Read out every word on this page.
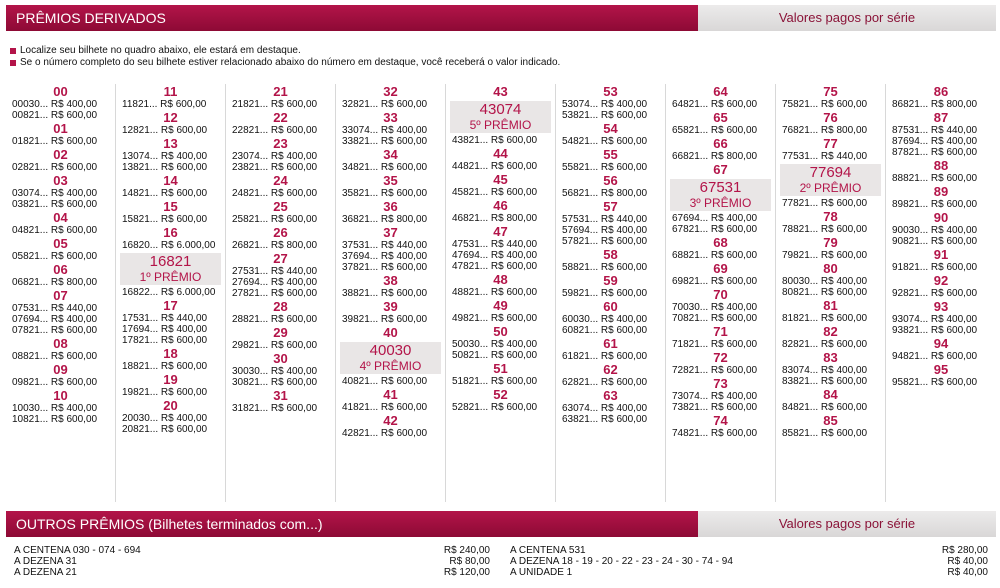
PRÊMIOS DERIVADOS	Valores pagos por série
Localize seu bilhete no quadro abaixo, ele estará em destaque.
Se o número completo do seu bilhete estiver relacionado abaixo do número em destaque, você receberá o valor indicado.
00
00030... R$ 400,00
00821... R$ 600,00
01
01821... R$ 600,00
02
02821... R$ 600,00
03
03074... R$ 400,00
03821... R$ 600,00
04
04821... R$ 600,00
05
05821... R$ 600,00
06
06821... R$ 800,00
07
07531... R$ 440,00
07694... R$ 400,00
07821... R$ 600,00
08
08821... R$ 600,00
09
09821... R$ 600,00
10
10030... R$ 400,00
10821... R$ 600,00
11
11821... R$ 600,00
12
12821... R$ 600,00
13
13074... R$ 400,00
13821... R$ 600,00
14
14821... R$ 600,00
15
15821... R$ 600,00
16
16820... R$ 6.000,00
16821
1º PRÊMIO
16822... R$ 6.000,00
17
17531... R$ 440,00
17694... R$ 400,00
17821... R$ 600,00
18
18821... R$ 600,00
19
19821... R$ 600,00
20
20030... R$ 400,00
20821... R$ 600,00
21
21821... R$ 600,00
22
22821... R$ 600,00
23
23074... R$ 400,00
23821... R$ 600,00
24
24821... R$ 600,00
25
25821... R$ 600,00
26
26821... R$ 800,00
27
27531... R$ 440,00
27694... R$ 400,00
27821... R$ 600,00
28
28821... R$ 600,00
29
29821... R$ 600,00
30
30030... R$ 400,00
30821... R$ 600,00
31
31821... R$ 600,00
32
32821... R$ 600,00
33
33074... R$ 400,00
33821... R$ 600,00
34
34821... R$ 600,00
35
35821... R$ 600,00
36
36821... R$ 800,00
37
37531... R$ 440,00
37694... R$ 400,00
37821... R$ 600,00
38
38821... R$ 600,00
39
39821... R$ 600,00
40
40030
4º PRÊMIO
40821... R$ 600,00
41
41821... R$ 600,00
42
42821... R$ 600,00
43
43074
5º PRÊMIO
43821... R$ 600,00
44
44821... R$ 600,00
45
45821... R$ 600,00
46
46821... R$ 800,00
47
47531... R$ 440,00
47694... R$ 400,00
47821... R$ 600,00
48
48821... R$ 600,00
49
49821... R$ 600,00
50
50030... R$ 400,00
50821... R$ 600,00
51
51821... R$ 600,00
52
52821... R$ 600,00
53
53074... R$ 400,00
53821... R$ 600,00
54
54821... R$ 600,00
55
55821... R$ 600,00
56
56821... R$ 800,00
57
57531... R$ 440,00
57694... R$ 400,00
57821... R$ 600,00
58
58821... R$ 600,00
59
59821... R$ 600,00
60
60030... R$ 400,00
60821... R$ 600,00
61
61821... R$ 600,00
62
62821... R$ 600,00
63
63074... R$ 400,00
63821... R$ 600,00
64
64821... R$ 600,00
65
65821... R$ 600,00
66
66821... R$ 800,00
67
67531
3º PRÊMIO
67694... R$ 400,00
67821... R$ 600,00
68
68821... R$ 600,00
69
69821... R$ 600,00
70
70030... R$ 400,00
70821... R$ 600,00
71
71821... R$ 600,00
72
72821... R$ 600,00
73
73074... R$ 400,00
73821... R$ 600,00
74
74821... R$ 600,00
75
75821... R$ 600,00
76
76821... R$ 800,00
77
77531... R$ 440,00
77694
2º PRÊMIO
77821... R$ 600,00
78
78821... R$ 600,00
79
79821... R$ 600,00
80
80030... R$ 400,00
80821... R$ 600,00
81
81821... R$ 600,00
82
82821... R$ 600,00
83
83074... R$ 400,00
83821... R$ 600,00
84
84821... R$ 600,00
85
85821... R$ 600,00
86
86821... R$ 800,00
87
87531... R$ 440,00
87694... R$ 400,00
87821... R$ 600,00
88
88821... R$ 600,00
89
89821... R$ 600,00
90
90030... R$ 400,00
90821... R$ 600,00
91
91821... R$ 600,00
92
92821... R$ 600,00
93
93074... R$ 400,00
93821... R$ 600,00
94
94821... R$ 600,00
95
95821... R$ 600,00
OUTROS PRÊMIOS (Bilhetes terminados com...)	Valores pagos por série
A CENTENA 030 - 074 - 694	R$ 240,00
A DEZENA 31	R$ 80,00
A DEZENA 21	R$ 120,00
A CENTENA 531	R$ 280,00
A DEZENA 18 - 19 - 20 - 22 - 23 - 24 - 30 - 74 - 94	R$ 40,00
A UNIDADE 1	R$ 40,00
